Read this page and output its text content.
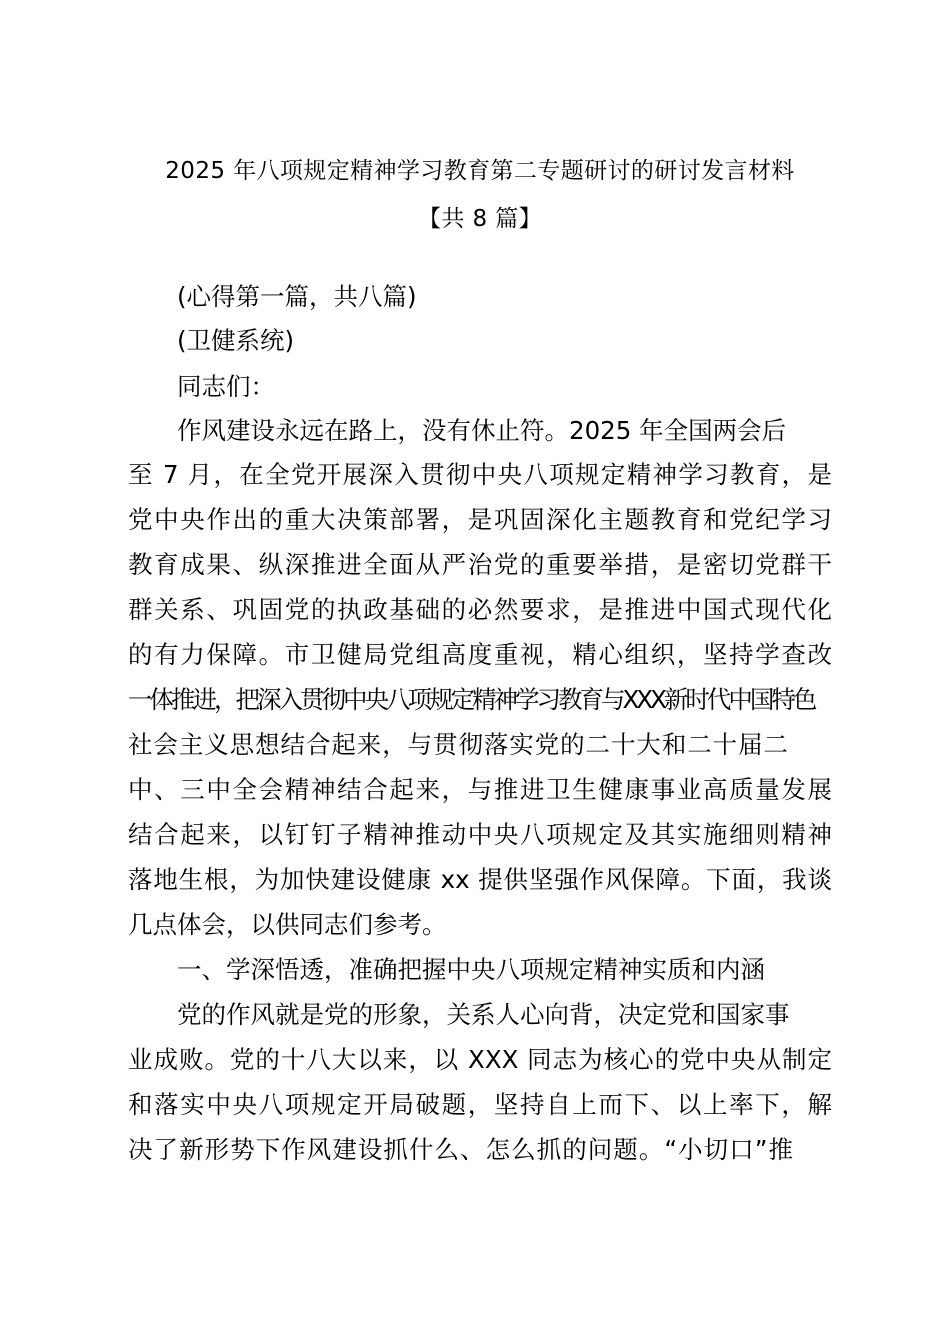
2025 年八项规定精神学习教育第二专题研讨的研讨发言材料
【共 8 篇】
(心得第一篇，共八篇)
(卫健系统)
同志们：
作风建设永远在路上，没有休止符。2025 年全国两会后
至 7 月，在全党开展深入贯彻中央八项规定精神学习教育，是
党中央作出的重大决策部署，是巩固深化主题教育和党纪学习
教育成果、纵深推进全面从严治党的重要举措，是密切党群干
群关系、巩固党的执政基础的必然要求，是推进中国式现代化
的有力保障。市卫健局党组高度重视，精心组织，坚持学查改
一体推进，把深入贯彻中央八项规定精神学习教育与XXX新时代中国特色
社会主义思想结合起来，与贯彻落实党的二十大和二十届二
中、三中全会精神结合起来，与推进卫生健康事业高质量发展
结合起来，以钉钉子精神推动中央八项规定及其实施细则精神
落地生根，为加快建设健康 xx 提供坚强作风保障。下面，我谈
几点体会，以供同志们参考。
一、学深悟透，准确把握中央八项规定精神实质和内涵
党的作风就是党的形象，关系人心向背，决定党和国家事
业成败。党的十八大以来，以 XXX 同志为核心的党中央从制定
和落实中央八项规定开局破题，坚持自上而下、以上率下，解
决了新形势下作风建设抓什么、怎么抓的问题。“小切口”推
